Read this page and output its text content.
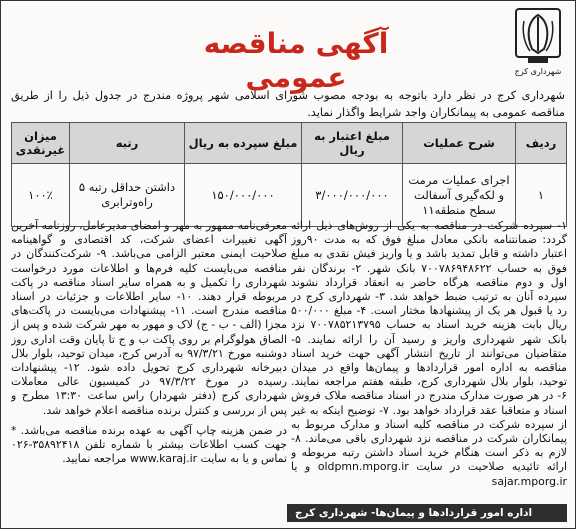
شهرداری کرج
آگهی مناقصه عمومی
شهرداری کرج در نظر دارد باتوجه به بودجه مصوب شورای اسلامی شهر پروژه مندرج در جدول ذیل را از طریق مناقصه عمومی به پیمانکاران واجد شرایط واگذار نماید.
ردیف	شرح عملیات	مبلغ اعتبار به ریال	مبلغ سپرده به ریال	رتبه	میزان غیرنقدی
۱	اجرای عملیات مرمت و لکه‌گیری آسفالت سطح منطقه۱۱	۳/۰۰۰/۰۰۰/۰۰۰	۱۵۰/۰۰۰/۰۰۰	داشتن حداقل رتبه ۵ راه‌وترابری	۱۰۰٪
۱- سپرده شرکت در مناقصه به یکی از روش‌های ذیل ارائه گردد: ضمانتنامه بانکی معادل مبلغ فوق که به مدت ۹۰روز اعتبار داشته و قابل تمدید باشد و یا واریز فیش نقدی به مبلغ فوق به حساب ۷۰۰۷۸۶۹۴۸۶۲۲ بانک شهر. ۲- برندگان نفر اول و دوم مناقصه هرگاه حاضر به انعقاد قرارداد نشوند سپرده آنان به ترتیب ضبط خواهد شد. ۳- شهرداری کرج در رد یا قبول هر یک از پیشنهادها مختار است. ۴- مبلغ ۵۰۰/۰۰۰ ریال بابت هزینه خرید اسناد به حساب ۷۰۰۷۸۵۲۱۳۷۹۵ نزد بانک شهر شهرداری واریز و رسید آن را ارائه نمایند. ۵- متقاضیان می‌توانند از تاریخ انتشار آگهی جهت خرید اسناد مناقصه به اداره امور قراردادها و پیمان‌ها واقع در میدان توحید، بلوار بلال شهرداری کرج، طبقه هفتم مراجعه نمایند. ۶- در هر صورت مدارک مندرج در اسناد مناقصه ملاک فروش اسناد و متعاقبا عقد قرارداد خواهد بود. ۷- توضیح اینکه به غیر از سپرده شرکت در مناقصه کلیه اسناد و مدارک مربوط به پیمانکاران شرکت در مناقصه نزد شهرداری باقی می‌ماند. ۸- لازم به ذکر است هنگام خرید اسناد داشتن رتبه مربوطه و ارائه تائیدیه صلاحیت در سایت oldpmn.mporg.ir و یا sajar.mporg.ir
معرفی‌نامه ممهور به مهر و امضای مدیرعامل، روزنامه آخرین آگهی تغییرات اعضای شرکت، کد اقتصادی و گواهینامه صلاحیت ایمنی معتبر الزامی می‌باشد. ۹- شرکت‌کنندگان در مناقصه می‌بایست کلیه فرم‌ها و اطلاعات مورد درخواست شهرداری را تکمیل و به همراه سایر اسناد مناقصه در پاکت مربوطه قرار دهند. ۱۰- سایر اطلاعات و جزئیات در اسناد مناقصه مندرج است. ۱۱- پیشنهادات می‌بایست در پاکت‌های مجزا (الف - ب - ج) لاک و مهور به مهر شرکت شده و پس از الصاق هولوگرام بر روی پاکت ب و ج تا پایان وقت اداری روز دوشنبه مورخ ۹۷/۳/۲۱ به آدرس کرج، میدان توحید، بلوار بلال دبیرخانه شهرداری کرج تحویل داده شود. ۱۲- پیشنهادات رسیده در مورخ ۹۷/۳/۲۲ در کمیسیون عالی معاملات شهرداری کرج (دفتر شهردار) راس ساعت ۱۳:۳۰ مطرح و پس از بررسی و کنترل برنده مناقصه اعلام خواهد شد.
در ضمن هزینه چاپ آگهی به عهده برنده مناقصه می‌باشد. * جهت کسب اطلاعات بیشتر با شماره تلفن ۳۵۸۹۲۴۱۸-۰۲۶ تماس و یا به سایت www.karaj.ir مراجعه نمایید.
اداره امور قراردادها و پیمان‌ها- شهرداری کرج
